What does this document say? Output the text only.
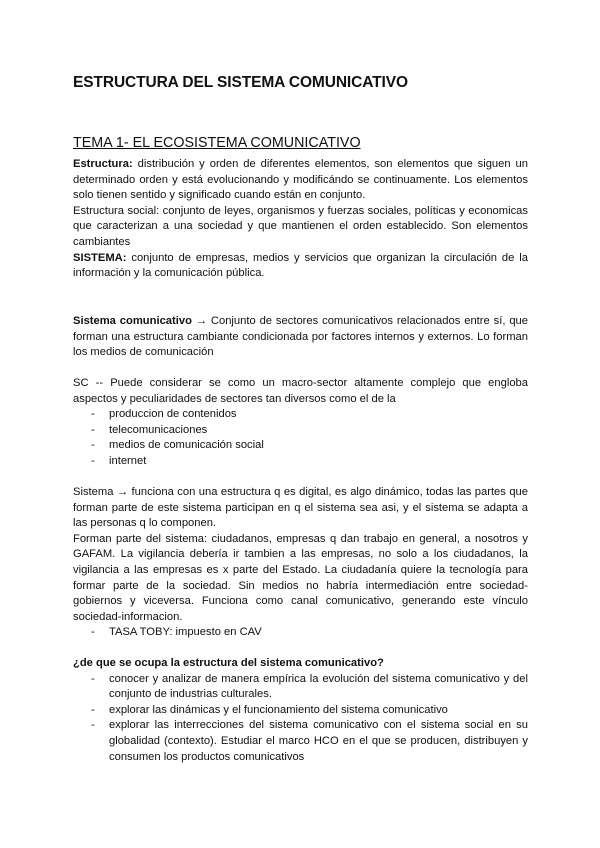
ESTRUCTURA DEL SISTEMA COMUNICATIVO
TEMA 1- EL ECOSISTEMA COMUNICATIVO

Estructura: distribución y orden de diferentes elementos, son elementos que siguen un determinado orden y está evolucionando y modificándo se continuamente. Los elementos solo tienen sentido y significado cuando están en conjunto.

Estructura social: conjunto de leyes, organismos y fuerzas sociales, políticas y economicas que caracterizan a una sociedad y que mantienen el orden establecido. Son elementos cambiantes

SISTEMA: conjunto de empresas, medios y servicios que organizan la circulación de la información y la comunicación pública.

Sistema comunicativo → Conjunto de sectores comunicativos relacionados entre sí, que forman una estructura cambiante condicionada por factores internos y externos. Lo forman los medios de comunicación

SC -- Puede considerar se como un macro-sector altamente complejo que engloba aspectos y peculiaridades de sectores tan diversos como el de la

- produccion de contenidos
- telecomunicaciones
- medios de comunicación social
- internet

Sistema → funciona con una estructura q es digital, es algo dinámico, todas las partes que forman parte de este sistema participan en q el sistema sea asi, y el sistema se adapta a las personas q lo componen.

Forman parte del sistema: ciudadanos, empresas q dan trabajo en general, a nosotros y GAFAM. La vigilancia debería ir tambien a las empresas, no solo a los ciudadanos, la vigilancia a las empresas es x parte del Estado. La ciudadanía quiere la tecnología para formar parte de la sociedad. Sin medios no habría intermediación entre sociedad- gobiernos y viceversa. Funciona como canal comunicativo, generando este vínculo sociedad-informacion.

- TASA TOBY: impuesto en CAV

¿de que se ocupa la estructura del sistema comunicativo?

- conocer y analizar de manera empírica la evolución del sistema comunicativo y del conjunto de industrias culturales.
- explorar las dinámicas y el funcionamiento del sistema comunicativo
- explorar las interrecciones del sistema comunicativo con el sistema social en su globalidad (contexto). Estudiar el marco HCO en el que se producen, distribuyen y consumen los productos comunicativos
